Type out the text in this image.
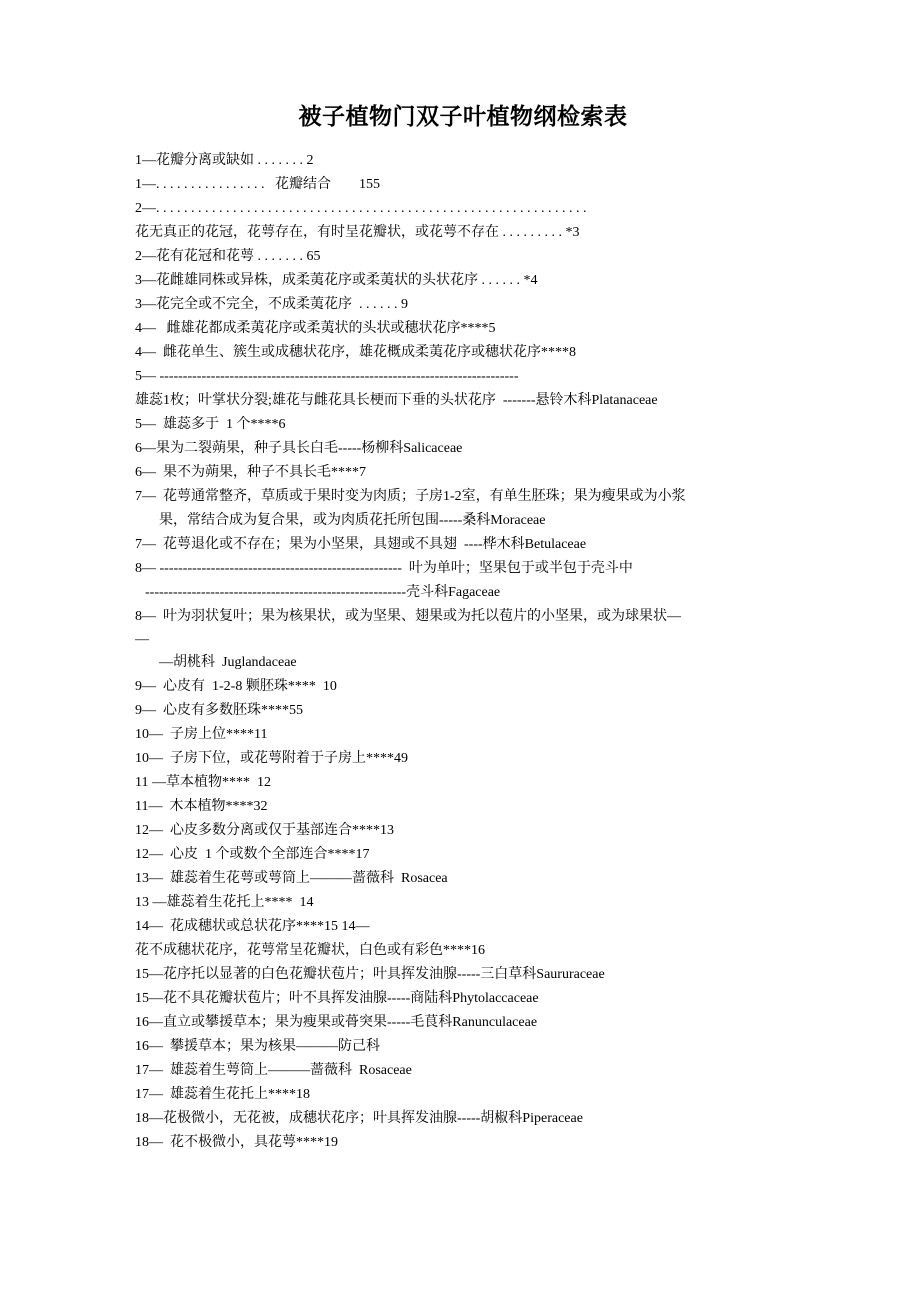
被子植物门双子叶植物纲检索表
1—花瓣分离或缺如 . . . . . . . 2
1—. . . . . . . . . . . . . . . .   花瓣结合        155
2—. . . . . . . . . . . . . . . . . . . . . . . . . . . . . . . . . . . . . . . . . . . . . . . . . . . . . . . . . . . . . .
花无真正的花冠，花萼存在，有时呈花瓣状，或花萼不存在 . . . . . . . . . *3
2—花有花冠和花萼 . . . . . . . 65
3—花雌雄同株或异株，成柔荑花序或柔荑状的头状花序 . . . . . . *4
3—花完全或不完全，不成柔荑花序  . . . . . . 9
4—   雌雄花都成柔荑花序或柔荑状的头状或穗状花序****5
4—  雌花单生、簇生或成穗状花序，雄花概成柔荑花序或穗状花序****8
5— -----------------------------------------------------------------------------
雄蕊1枚；叶掌状分裂;雄花与雌花具长梗而下垂的头状花序  -------悬铃木科Platanaceae
5—  雄蕊多于  1 个****6
6—果为二裂蒴果，种子具长白毛-----杨柳科Salicaceae
6—  果不为蒴果，种子不具长毛****7
7—  花萼通常整齐，草质或于果时变为肉质；子房1-2室，有单生胚珠；果为瘦果或为小浆
果，常结合成为复合果，或为肉质花托所包围-----桑科Moraceae
7—  花萼退化或不存在；果为小坚果，具翅或不具翅  ----桦木科Betulaceae
8— ----------------------------------------------------  叶为单叶；坚果包于或半包于壳斗中
--------------------------------------------------------壳斗科Fagaceae
8—  叶为羽状复叶；果为核果状，或为坚果、翅果或为托以苞片的小坚果，或为球果状—
—
—胡桃科  Juglandaceae
9—  心皮有  1-2-8 颗胚珠****  10
9—  心皮有多数胚珠****55
10—  子房上位****11
10—  子房下位，或花萼附着于子房上****49
11 —草本植物****  12
11—  木本植物****32
12—  心皮多数分离或仅于基部连合****13
12—  心皮  1 个或数个全部连合****17
13—  雄蕊着生花萼或萼筒上———蔷薇科  Rosacea
13 —雄蕊着生花托上****  14
14—  花成穗状或总状花序****15 14—
花不成穗状花序，花萼常呈花瓣状，白色或有彩色****16
15—花序托以显著的白色花瓣状苞片；叶具挥发油腺-----三白草科Saururaceae
15—花不具花瓣状苞片；叶不具挥发油腺-----商陆科Phytolaccaceae
16—直立或攀援草本；果为瘦果或蓇突果-----毛茛科Ranunculaceae
16—  攀援草本；果为核果———防己科
17—  雄蕊着生萼筒上———蔷薇科  Rosaceae
17—  雄蕊着生花托上****18
18—花极微小，无花被，成穗状花序；叶具挥发油腺-----胡椒科Piperaceae
18—  花不极微小，具花萼****19
